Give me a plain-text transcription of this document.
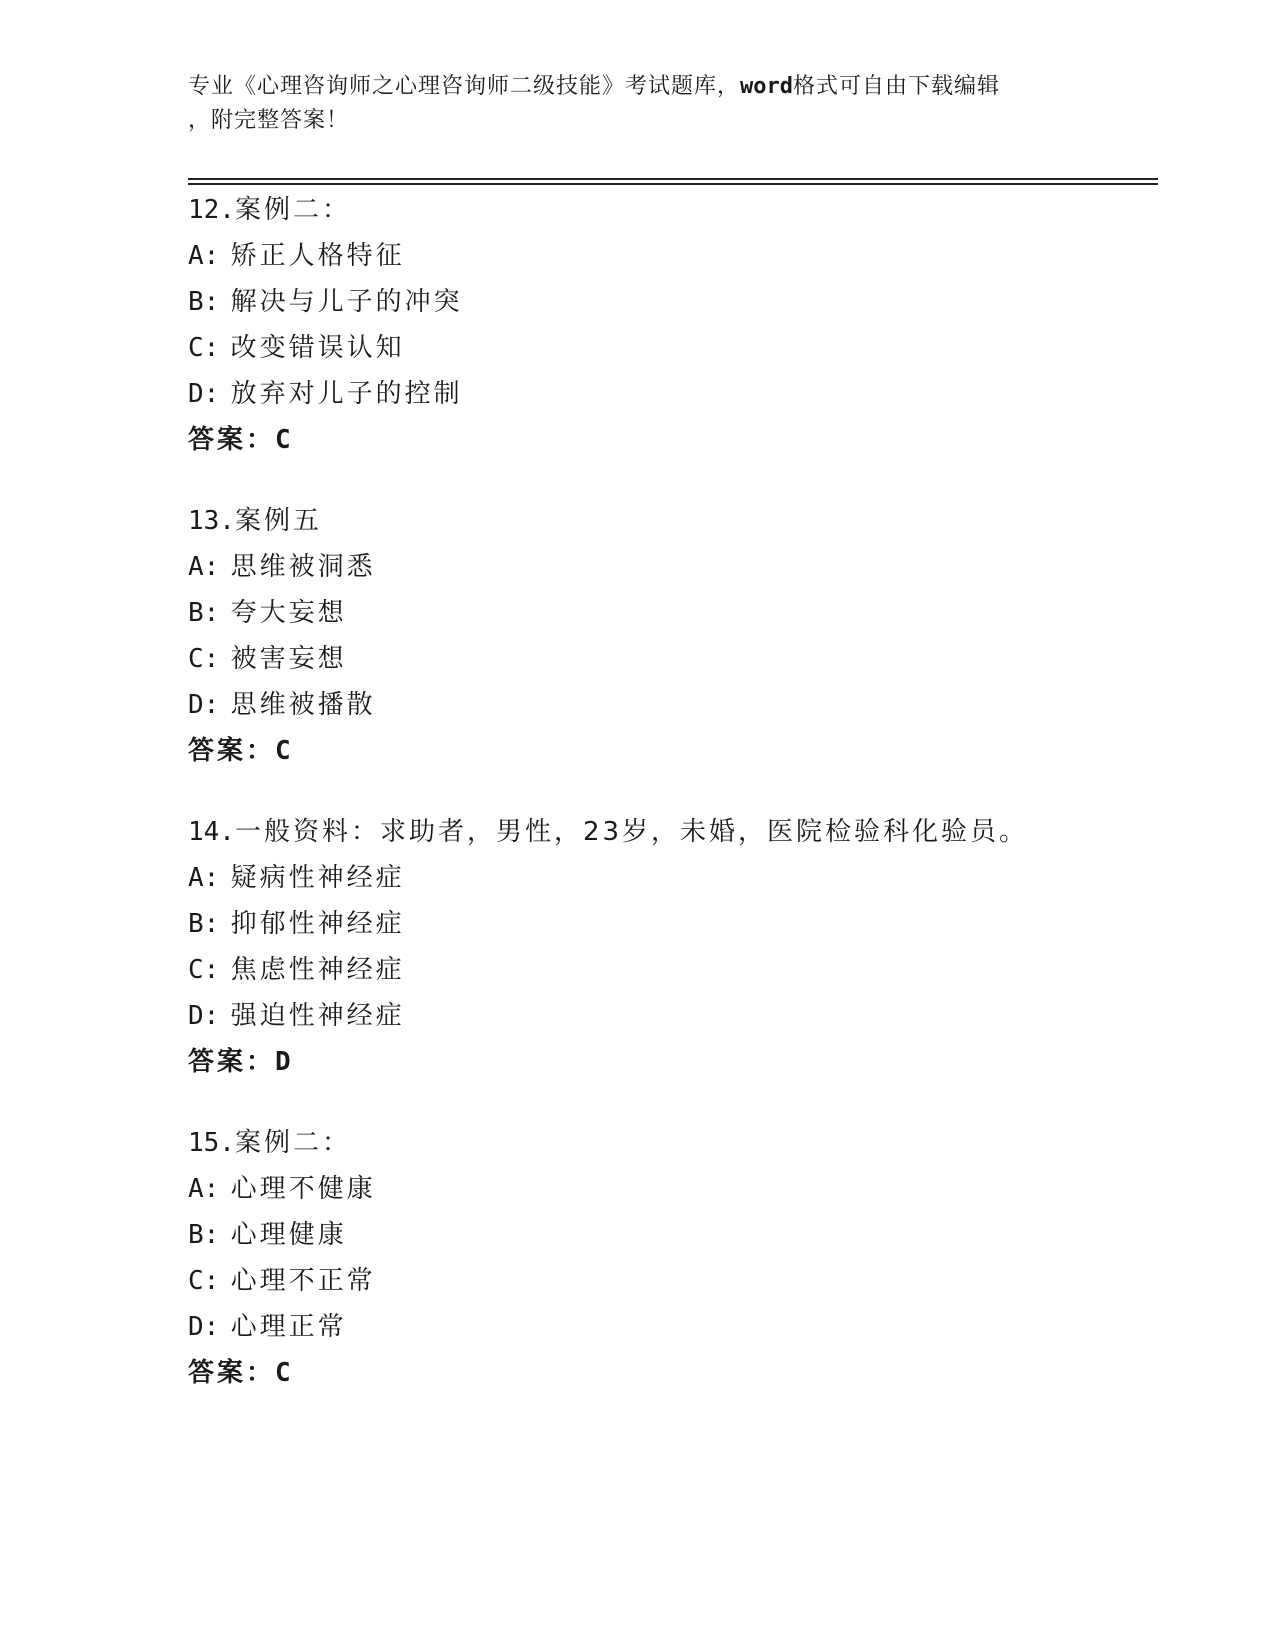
专业《心理咨询师之心理咨询师二级技能》考试题库，word格式可自由下载编辑
，附完整答案！
12.案例二：
A: 矫正人格特征
B: 解决与儿子的冲突
C: 改变错误认知
D: 放弃对儿子的控制
答案：C
13.案例五
A: 思维被洞悉
B: 夸大妄想
C: 被害妄想
D: 思维被播散
答案：C
14.一般资料：求助者，男性，23岁，未婚，医院检验科化验员。
A: 疑病性神经症
B: 抑郁性神经症
C: 焦虑性神经症
D: 强迫性神经症
答案：D
15.案例二：
A: 心理不健康
B: 心理健康
C: 心理不正常
D: 心理正常
答案：C
